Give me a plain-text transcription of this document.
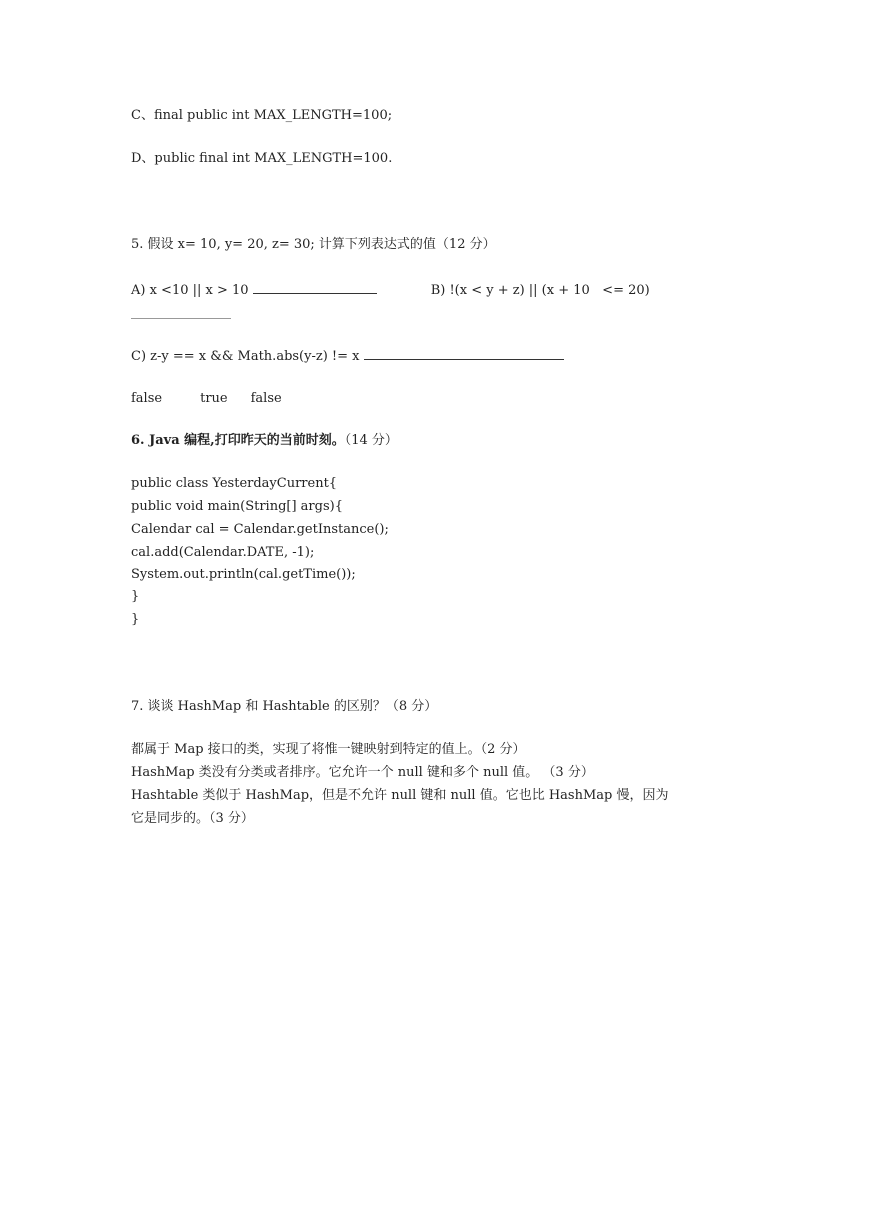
C、final public int MAX_LENGTH=100;
D、public final int MAX_LENGTH=100.
5. 假设 x= 10, y= 20, z= 30; 计算下列表达式的值（12 分）
A) x <10 || x > 10	B) !(x < y + z) || (x + 10   <= 20)
C) z-y == x && Math.abs(y-z) != x
false	true false
6. Java 编程,打印昨天的当前时刻。（14 分）
public class YesterdayCurrent{
public void main(String[] args){
Calendar cal = Calendar.getInstance();
cal.add(Calendar.DATE, -1);
System.out.println(cal.getTime());
}
}
7. 谈谈 HashMap 和 Hashtable 的区别？（8 分）
都属于 Map 接口的类，实现了将惟一键映射到特定的值上。（2 分）
HashMap 类没有分类或者排序。它允许一个 null 键和多个 null 值。 （3 分）
Hashtable 类似于 HashMap，但是不允许 null 键和 null 值。它也比 HashMap 慢，因为
它是同步的。（3 分）
